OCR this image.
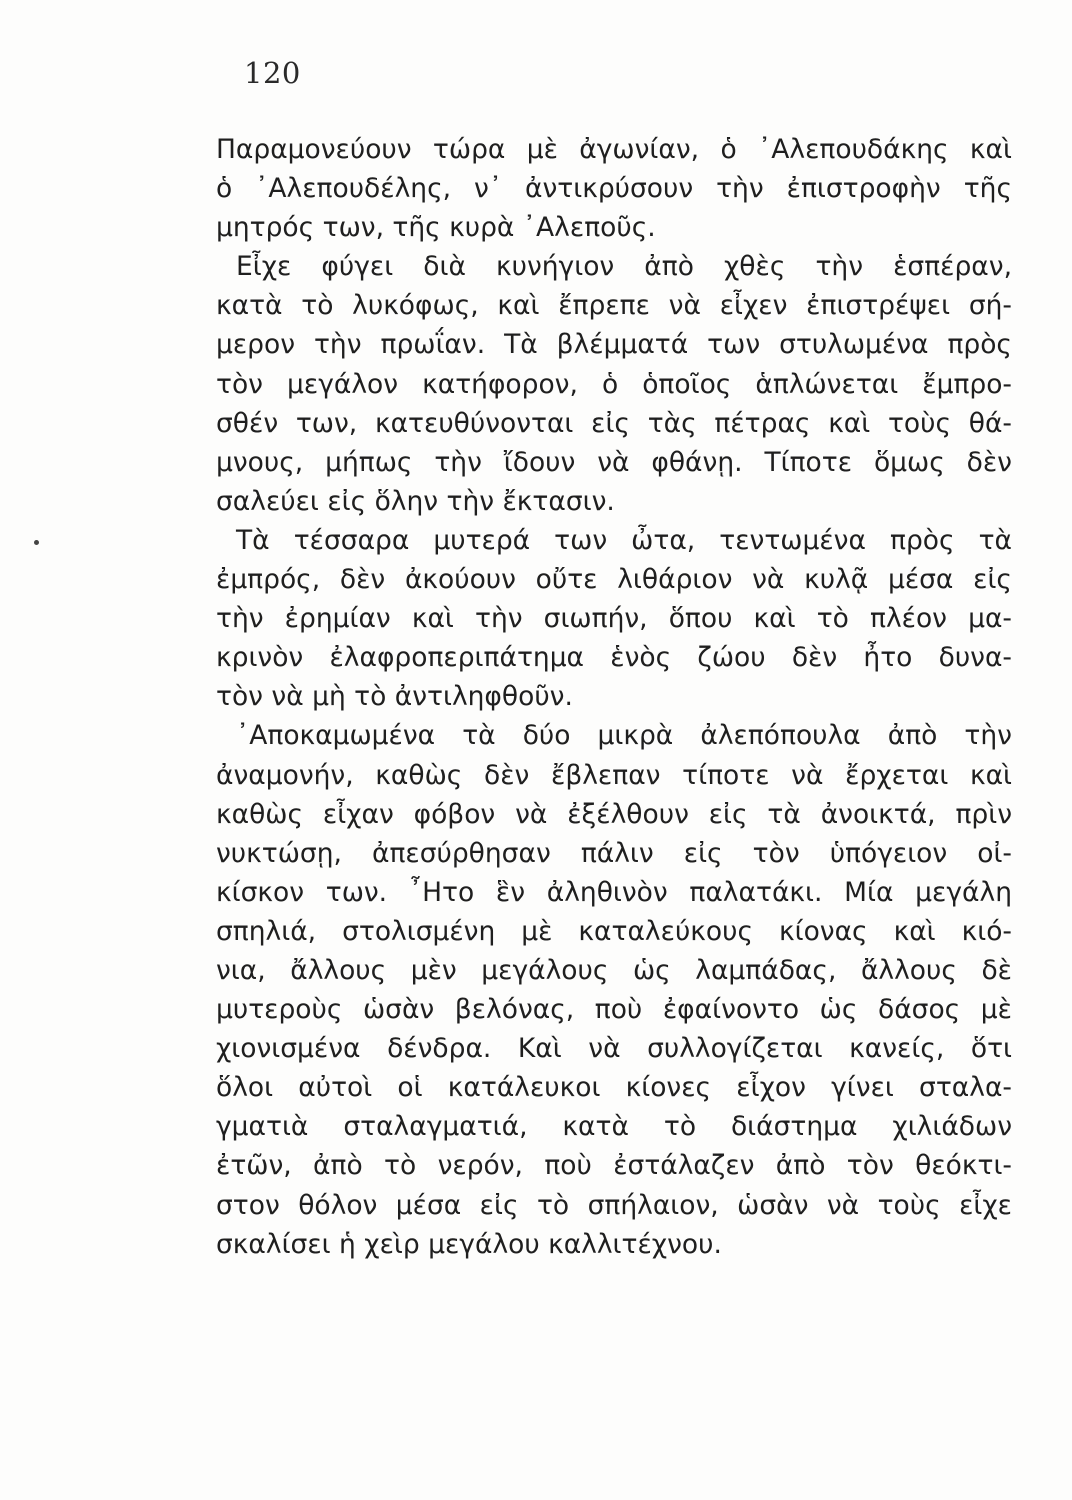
120
Παραμονεύουν τώρα μὲ ἀγωνίαν, ὁ ᾿Αλεπουδάκης καὶ
ὁ ᾿Αλεπουδέλης, ν᾿ ἀντικρύσουν τὴν ἐπιστροφὴν τῆς
μητρός των, τῆς κυρὰ ᾿Αλεποῦς.
Εἶχε φύγει διὰ κυνήγιον ἀπὸ χθὲς τὴν ἑσπέραν,
κατὰ τὸ λυκόφως, καὶ ἔπρεπε νὰ εἶχεν ἐπιστρέψει σή-
μερον τὴν πρωΐαν. Τὰ βλέμματά των στυλωμένα πρὸς
τὸν μεγάλον κατήφορον, ὁ ὁποῖος ἁπλώνεται ἔμπρο-
σθέν των, κατευθύνονται εἰς τὰς πέτρας καὶ τοὺς θά-
μνους, μήπως τὴν ἴδουν νὰ φθάνῃ. Τίποτε ὅμως δὲν
σαλεύει εἰς ὅλην τὴν ἔκτασιν.
Τὰ τέσσαρα μυτερά των ὦτα, τεντωμένα πρὸς τὰ
ἐμπρός, δὲν ἀκούουν οὔτε λιθάριον νὰ κυλᾷ μέσα εἰς
τὴν ἐρημίαν καὶ τὴν σιωπήν, ὅπου καὶ τὸ πλέον μα-
κρινὸν ἐλαφροπεριπάτημα ἑνὸς ζώου δὲν ἦτο δυνα-
τὸν νὰ μὴ τὸ ἀντιληφθοῦν.
᾿Αποκαμωμένα τὰ δύο μικρὰ ἀλεπόπουλα ἀπὸ τὴν
ἀναμονήν, καθὼς δὲν ἔβλεπαν τίποτε νὰ ἔρχεται καὶ
καθὼς εἶχαν φόβον νὰ ἐξέλθουν εἰς τὰ ἀνοικτά, πρὶν
νυκτώσῃ, ἀπεσύρθησαν πάλιν εἰς τὸν ὑπόγειον οἰ-
κίσκον των. ῏Ητο ἓν ἀληθινὸν παλατάκι. Μία μεγάλη
σπηλιά, στολισμένη μὲ καταλεύκους κίονας καὶ κιό-
νια, ἄλλους μὲν μεγάλους ὡς λαμπάδας, ἄλλους δὲ
μυτεροὺς ὡσὰν βελόνας, ποὺ ἐφαίνοντο ὡς δάσος μὲ
χιονισμένα δένδρα. Καὶ νὰ συλλογίζεται κανείς, ὅτι
ὅλοι αὐτοὶ οἱ κατάλευκοι κίονες εἶχον γίνει σταλα-
γματιὰ σταλαγματιά, κατὰ τὸ διάστημα χιλιάδων
ἐτῶν, ἀπὸ τὸ νερόν, ποὺ ἐστάλαζεν ἀπὸ τὸν θεόκτι-
στον θόλον μέσα εἰς τὸ σπήλαιον, ὡσὰν νὰ τοὺς εἶχε
σκαλίσει ἡ χεὶρ μεγάλου καλλιτέχνου.
